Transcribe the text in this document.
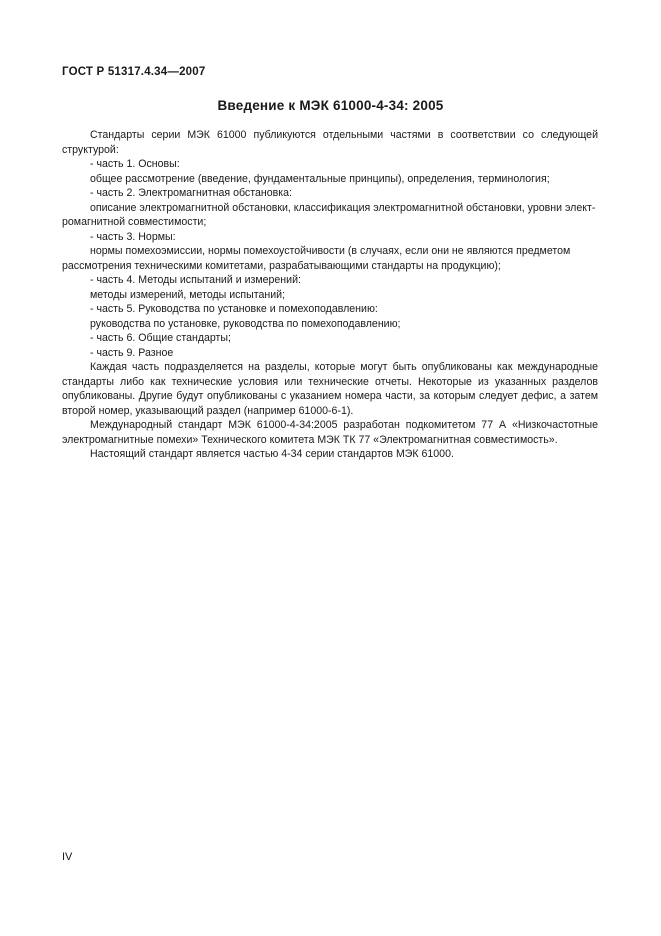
ГОСТ Р 51317.4.34—2007
Введение к МЭК 61000-4-34: 2005

Стандарты серии МЭК 61000 публикуются отдельными частями в соответствии со следующей структурой:

- часть 1. Основы:

общее рассмотрение (введение, фундаментальные принципы), определения, терминология;

- часть 2. Электромагнитная обстановка:

описание электромагнитной обстановки, классификация электромагнитной обстановки, уровни элект-

ромагнитной совместимости;

- часть 3. Нормы:

нормы помехоэмиссии, нормы помехоустойчивости (в случаях, если они не являются предметом

рассмотрения техническими комитетами, разрабатывающими стандарты на продукцию);

- часть 4. Методы испытаний и измерений:

методы измерений, методы испытаний;

- часть 5. Руководства по установке и помехоподавлению:

руководства по установке, руководства по помехоподавлению;

- часть 6. Общие стандарты;

- часть 9. Разное

Каждая часть подразделяется на разделы, которые могут быть опубликованы как международные стандарты либо как технические условия или технические отчеты. Некоторые из указанных разделов опубликованы. Другие будут опубликованы с указанием номера части, за которым следует дефис, а затем второй номер, указывающий раздел (например 61000-6-1).

Международный стандарт МЭК 61000-4-34:2005 разработан подкомитетом 77 А «Низкочастотные электромагнитные помехи» Технического комитета МЭК ТК 77 «Электромагнитная совместимость».

Настоящий стандарт является частью 4-34 серии стандартов МЭК 61000.

IV
